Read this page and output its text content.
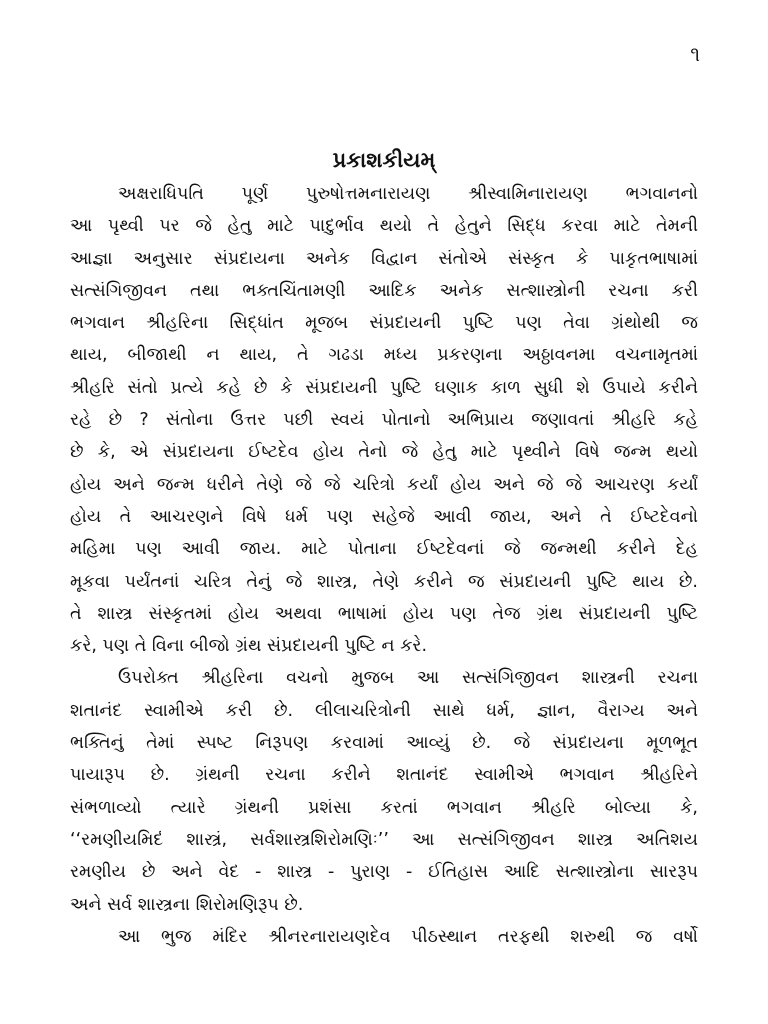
૧
પ્રકાશકીયમ્

અક્ષરાધિપતિ પૂર્ણ પુરુષોત્તમનારાયણ શ્રીસ્વામિનારાયણ ભગવાનનો
આ પૃથ્વી પર જે હેતુ માટે પાદુર્ભાવ થયો તે હેતુને સિદ્ધ કરવા માટે તેમની
આજ્ઞા અનુસાર સંપ્રદાયના અનેક વિદ્વાન સંતોએ સંસ્કૃત કે પાકૃતભાષામાં
સત્સંગિજીવન તથા ભક્તચિંતામણી આદિક અનેક સત્શાસ્ત્રોની રચના કરી
ભગવાન શ્રીહરિના સિદ્ધાંત મૂજબ સંપ્રદાયની પુષ્ટિ પણ તેવા ગ્રંથોથી જ
થાય, બીજાથી ન થાય, તે ગઢડા મધ્ય પ્રકરણના અઠ્ઠાવનમા વચનામૃતમાં
શ્રીહરિ સંતો પ્રત્યે કહે છે કે સંપ્રદાયની પુષ્ટિ ઘણાક કાળ સુધી શે ઉપાયે કરીને
રહે છે ? સંતોના ઉત્તર પછી સ્વયં પોતાનો અભિપ્રાય જણાવતાં શ્રીહરિ કહે
છે કે, એ સંપ્રદાયના ઈષ્ટદેવ હોય તેનો જે હેતુ માટે પૃથ્વીને વિષે જન્મ થયો
હોય અને જન્મ ધરીને તેણે જે જે ચરિત્રો કર્યાં હોય અને જે જે આચરણ કર્યાં
હોય તે આચરણને વિષે ધર્મ પણ સહેજે આવી જાય, અને તે ઈષ્ટદેવનો
મહિમા પણ આવી જાય. માટે પોતાના ઈષ્ટદેવનાં જે જન્મથી કરીને દેહ
મૂકવા પર્યંતનાં ચરિત્ર તેનું જે શાસ્ત્ર, તેણે કરીને જ સંપ્રદાયની પુષ્ટિ થાય છે.
તે શાસ્ત્ર સંસ્કૃતમાં હોય અથવા ભાષામાં હોય પણ તેજ ગ્રંથ સંપ્રદાયની પુષ્ટિ
કરે, પણ તે વિના બીજો ગ્રંથ સંપ્રદાયની પુષ્ટિ ન કરે.

ઉપરોક્ત શ્રીહરિના વચનો મુજબ આ સત્સંગિજીવન શાસ્ત્રની રચના
શતાનંદ સ્વામીએ કરી છે. લીલાચરિત્રોની સાથે ધર્મ, જ્ઞાન, વૈરાગ્ય અને
ભક્તિનું તેમાં સ્પષ્ટ નિરૂપણ કરવામાં આવ્યું છે. જે સંપ્રદાયના મૂળભૂત
પાયારૂપ છે. ગ્રંથની રચના કરીને શતાનંદ સ્વામીએ ભગવાન શ્રીહરિને
સંભળાવ્યો ત્યારે ગ્રંથની પ્રશંસા કરતાં ભગવાન શ્રીહરિ બોલ્યા કે,
‘‘રમણીયમિદં શાસ્ત્રં, સર્વશાસ્ત્રશિરોમણિઃ’’ આ સત્સંગિજીવન શાસ્ત્ર અતિશય
રમણીય છે અને વેદ - શાસ્ત્ર - પુરાણ - ઈતિહાસ આદિ સત્શાસ્ત્રોના સારરૂપ
અને સર્વ શાસ્ત્રના શિરોમણિરૂપ છે.

આ ભુજ મંદિર શ્રીનરનારાયણદેવ પીઠસ્થાન તરફથી શરુથી જ વર્ષો
